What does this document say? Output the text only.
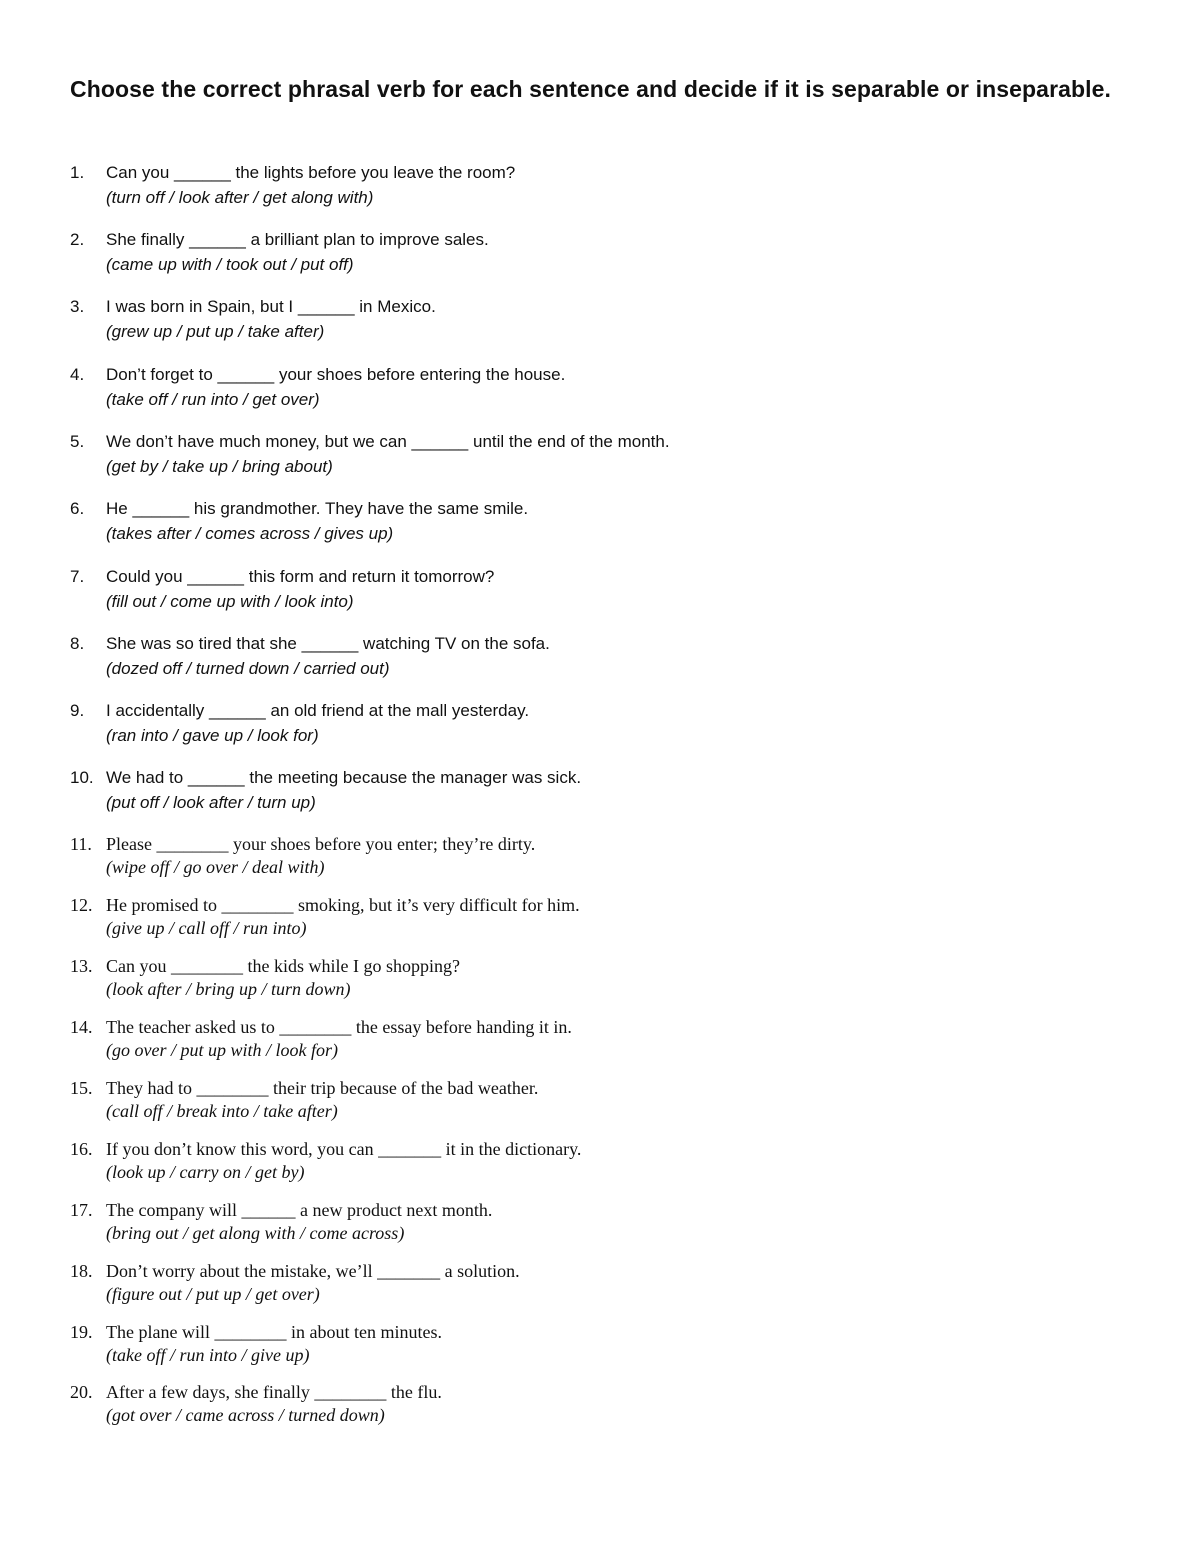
Choose the correct phrasal verb for each sentence and decide if it is separable or inseparable.

1.	Can you ______ the lights before you leave the room?
(turn off / look after / get along with)
2.	She finally ______ a brilliant plan to improve sales.
(came up with / took out / put off)
3.	I was born in Spain, but I ______ in Mexico.
(grew up / put up / take after)
4.	Don’t forget to ______ your shoes before entering the house.
(take off / run into / get over)
5.	We don’t have much money, but we can ______ until the end of the month.
(get by / take up / bring about)
6.	He ______ his grandmother. They have the same smile.
(takes after / comes across / gives up)
7.	Could you ______ this form and return it tomorrow?
(fill out / come up with / look into)
8.	She was so tired that she ______ watching TV on the sofa.
(dozed off / turned down / carried out)
9.	I accidentally ______ an old friend at the mall yesterday.
(ran into / gave up / look for)
10. We had to ______ the meeting because the manager was sick.
(put off / look after / turn up)
11. Please ________ your shoes before you enter; they’re dirty.
(wipe off / go over / deal with)
12. He promised to ________ smoking, but it’s very difficult for him.
(give up / call off / run into)
13. Can you ________ the kids while I go shopping?
(look after / bring up / turn down)
14. The teacher asked us to ________ the essay before handing it in.
(go over / put up with / look for)
15. They had to ________ their trip because of the bad weather.
(call off / break into / take after)
16. If you don’t know this word, you can _______ it in the dictionary.
(look up / carry on / get by)
17. The company will ______ a new product next month.
(bring out / get along with / come across)
18. Don’t worry about the mistake, we’ll _______ a solution.
(figure out / put up / get over)
19. The plane will ________ in about ten minutes.
(take off / run into / give up)
20. After a few days, she finally ________ the flu.
(got over / came across / turned down)
